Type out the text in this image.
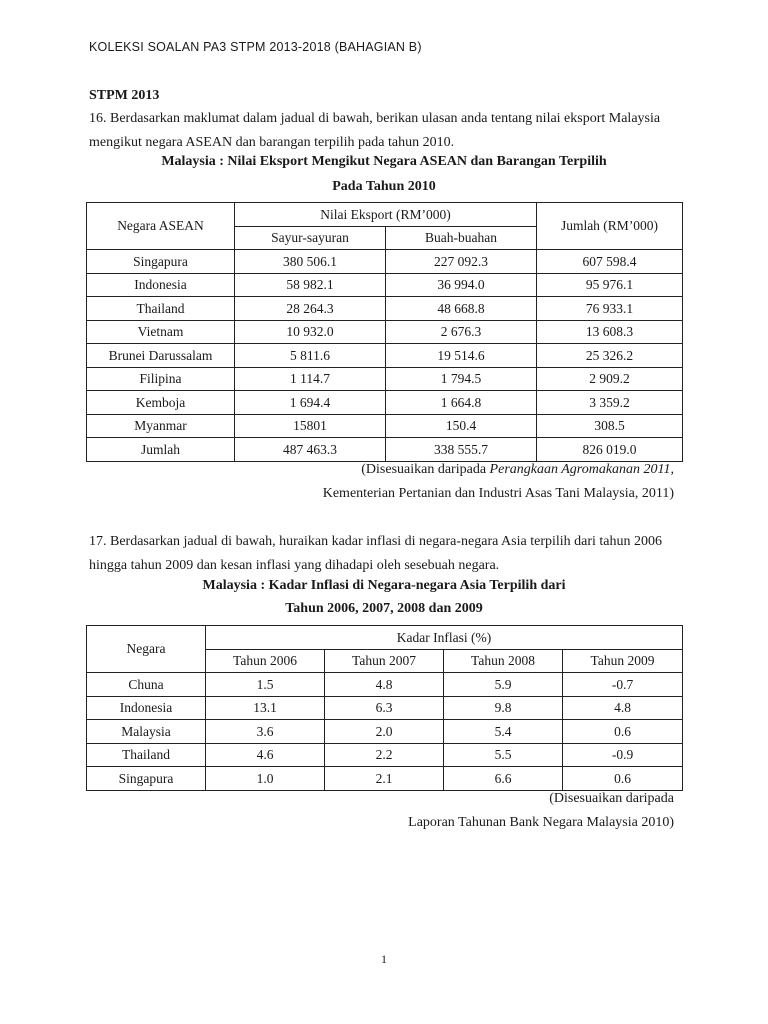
KOLEKSI SOALAN PA3 STPM 2013-2018 (BAHAGIAN B)
STPM 2013
16. Berdasarkan maklumat dalam jadual di bawah, berikan ulasan anda tentang nilai eksport Malaysia
mengikut negara ASEAN dan barangan terpilih pada tahun 2010.
Malaysia : Nilai Eksport Mengikut Negara ASEAN dan Barangan Terpilih
Pada Tahun 2010
Negara ASEAN	Nilai Eksport (RM’000)		Jumlah (RM’000)
	Sayur-sayuran	Buah-buahan	
Singapura	380 506.1	227 092.3	607 598.4
Indonesia	58 982.1	36 994.0	95 976.1
Thailand	28 264.3	48 668.8	76 933.1
Vietnam	10 932.0	2 676.3	13 608.3
Brunei Darussalam	5 811.6	19 514.6	25 326.2
Filipina	1 114.7	1 794.5	2 909.2
Kemboja	1 694.4	1 664.8	3 359.2
Myanmar	15801	150.4	308.5
Jumlah	487 463.3	338 555.7	826 019.0
(Disesuaikan daripada Perangkaan Agromakanan 2011,
Kementerian Pertanian dan Industri Asas Tani Malaysia, 2011)
17. Berdasarkan jadual di bawah, huraikan kadar inflasi di negara-negara Asia terpilih dari tahun 2006
hingga tahun 2009 dan kesan inflasi yang dihadapi oleh sesebuah negara.
Malaysia : Kadar Inflasi di Negara-negara Asia Terpilih dari
Tahun 2006, 2007, 2008 dan 2009
Negara	Kadar Inflasi (%)			
	Tahun 2006	Tahun 2007	Tahun 2008	Tahun 2009
Chuna	1.5	4.8	5.9	-0.7
Indonesia	13.1	6.3	9.8	4.8
Malaysia	3.6	2.0	5.4	0.6
Thailand	4.6	2.2	5.5	-0.9
Singapura	1.0	2.1	6.6	0.6
(Disesuaikan daripada
Laporan Tahunan Bank Negara Malaysia 2010)
1
